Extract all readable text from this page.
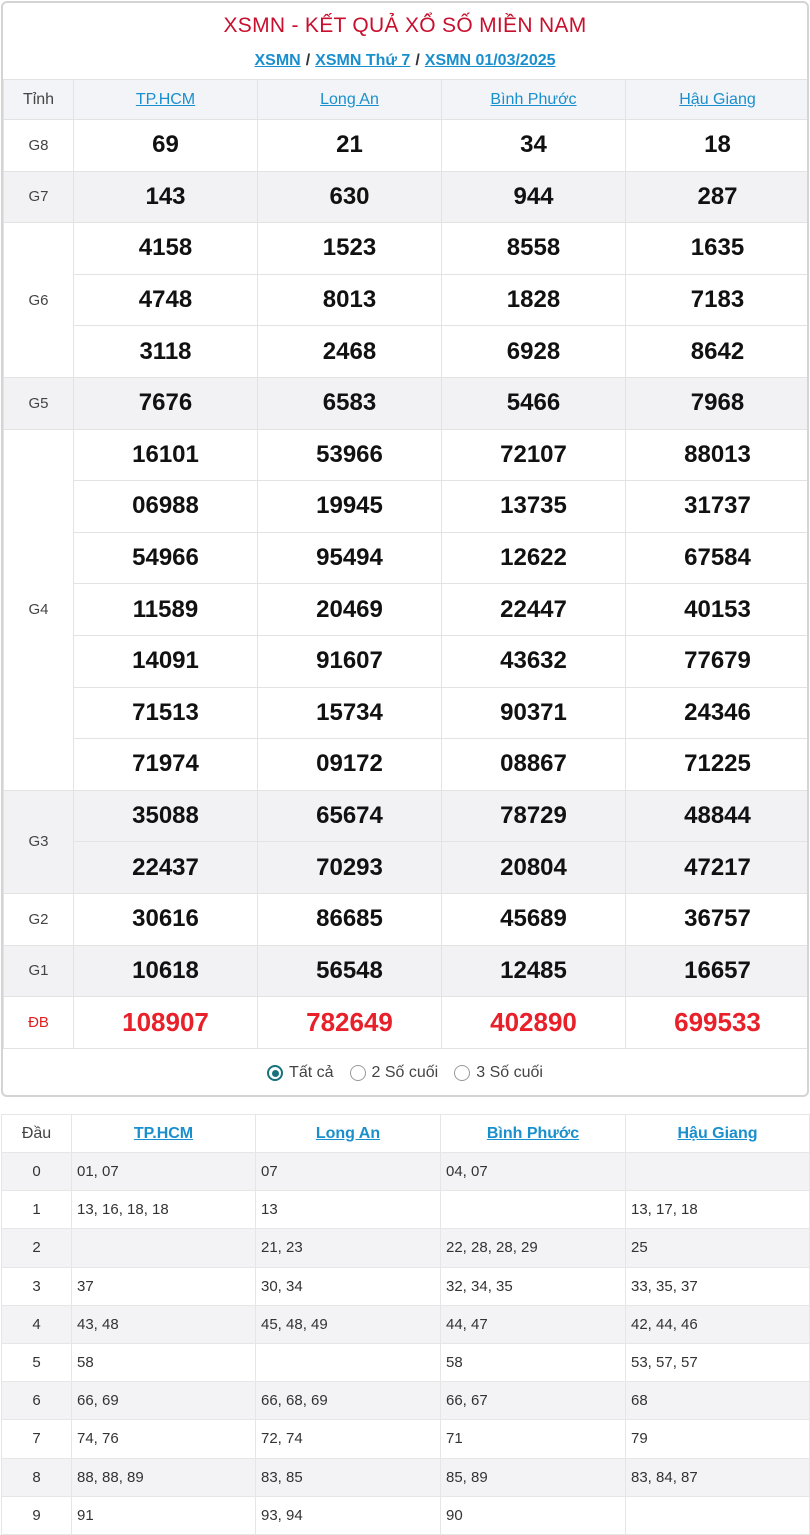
XSMN - KẾT QUẢ XỔ SỐ MIỀN NAM
XSMN / XSMN Thứ 7 / XSMN 01/03/2025
Tỉnh	TP.HCM	Long An	Bình Phước	Hậu Giang
G8	69	21	34	18
G7	143	630	944	287
G6	4158	1523	8558	1635
	4748	8013	1828	7183
	3118	2468	6928	8642
G5	7676	6583	5466	7968
G4	16101	53966	72107	88013
	06988	19945	13735	31737
	54966	95494	12622	67584
	11589	20469	22447	40153
	14091	91607	43632	77679
	71513	15734	90371	24346
	71974	09172	08867	71225
G3	35088	65674	78729	48844
	22437	70293	20804	47217
G2	30616	86685	45689	36757
G1	10618	56548	12485	16657
ĐB	108907	782649	402890	699533
Tất cả 2 Số cuối 3 Số cuối
Đầu	TP.HCM	Long An	Bình Phước	Hậu Giang
0	01, 07	07	04, 07	
1	13, 16, 18, 18	13		13, 17, 18
2		21, 23	22, 28, 28, 29	25
3	37	30, 34	32, 34, 35	33, 35, 37
4	43, 48	45, 48, 49	44, 47	42, 44, 46
5	58		58	53, 57, 57
6	66, 69	66, 68, 69	66, 67	68
7	74, 76	72, 74	71	79
8	88, 88, 89	83, 85	85, 89	83, 84, 87
9	91	93, 94	90	
